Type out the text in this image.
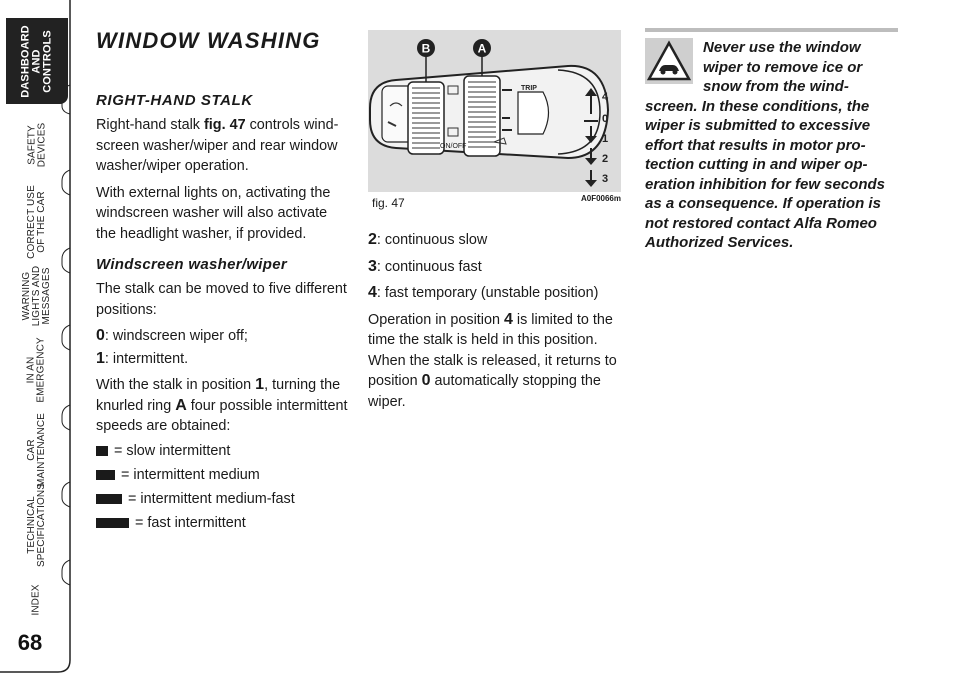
DASHBOARD
AND
CONTROLS
SAFETY
DEVICES
CORRECT USE
OF THE CAR
WARNING
LIGHTS AND
MESSAGES
IN AN
EMERGENCY
CAR
MAINTENANCE
TECHNICAL
SPECIFICATIONS
INDEX
68
WINDOW WASHING
RIGHT-HAND STALK

Right-hand stalk fig. 47 controls wind-screen washer/wiper and rear window washer/wiper operation.

With external lights on, activating the windscreen washer will also activate the headlight washer, if provided.

Windscreen washer/wiper

The stalk can be moved to five different positions:

0: windscreen wiper off;

1: intermittent.

With the stalk in position 1, turning the knurled ring A four possible intermittent speeds are obtained:

= slow intermittent
= intermittent medium
= intermittent medium-fast
= fast intermittent
B	A
TRIP
ON/OFF
4
0
1
2
3
fig. 47	A0F0066m

2: continuous slow

3: continuous fast

4: fast temporary (unstable position)

Operation in position 4 is limited to the time the stalk is held in this position. When the stalk is released, it returns to position 0 automatically stopping the wiper.

Never use the window wiper to remove ice or snow from the wind-screen. In these conditions, the wiper is submitted to excessive effort that results in motor pro-tection cutting in and wiper op-eration inhibition for few seconds as a consequence. If operation is not restored contact Alfa Romeo Authorized Services.
